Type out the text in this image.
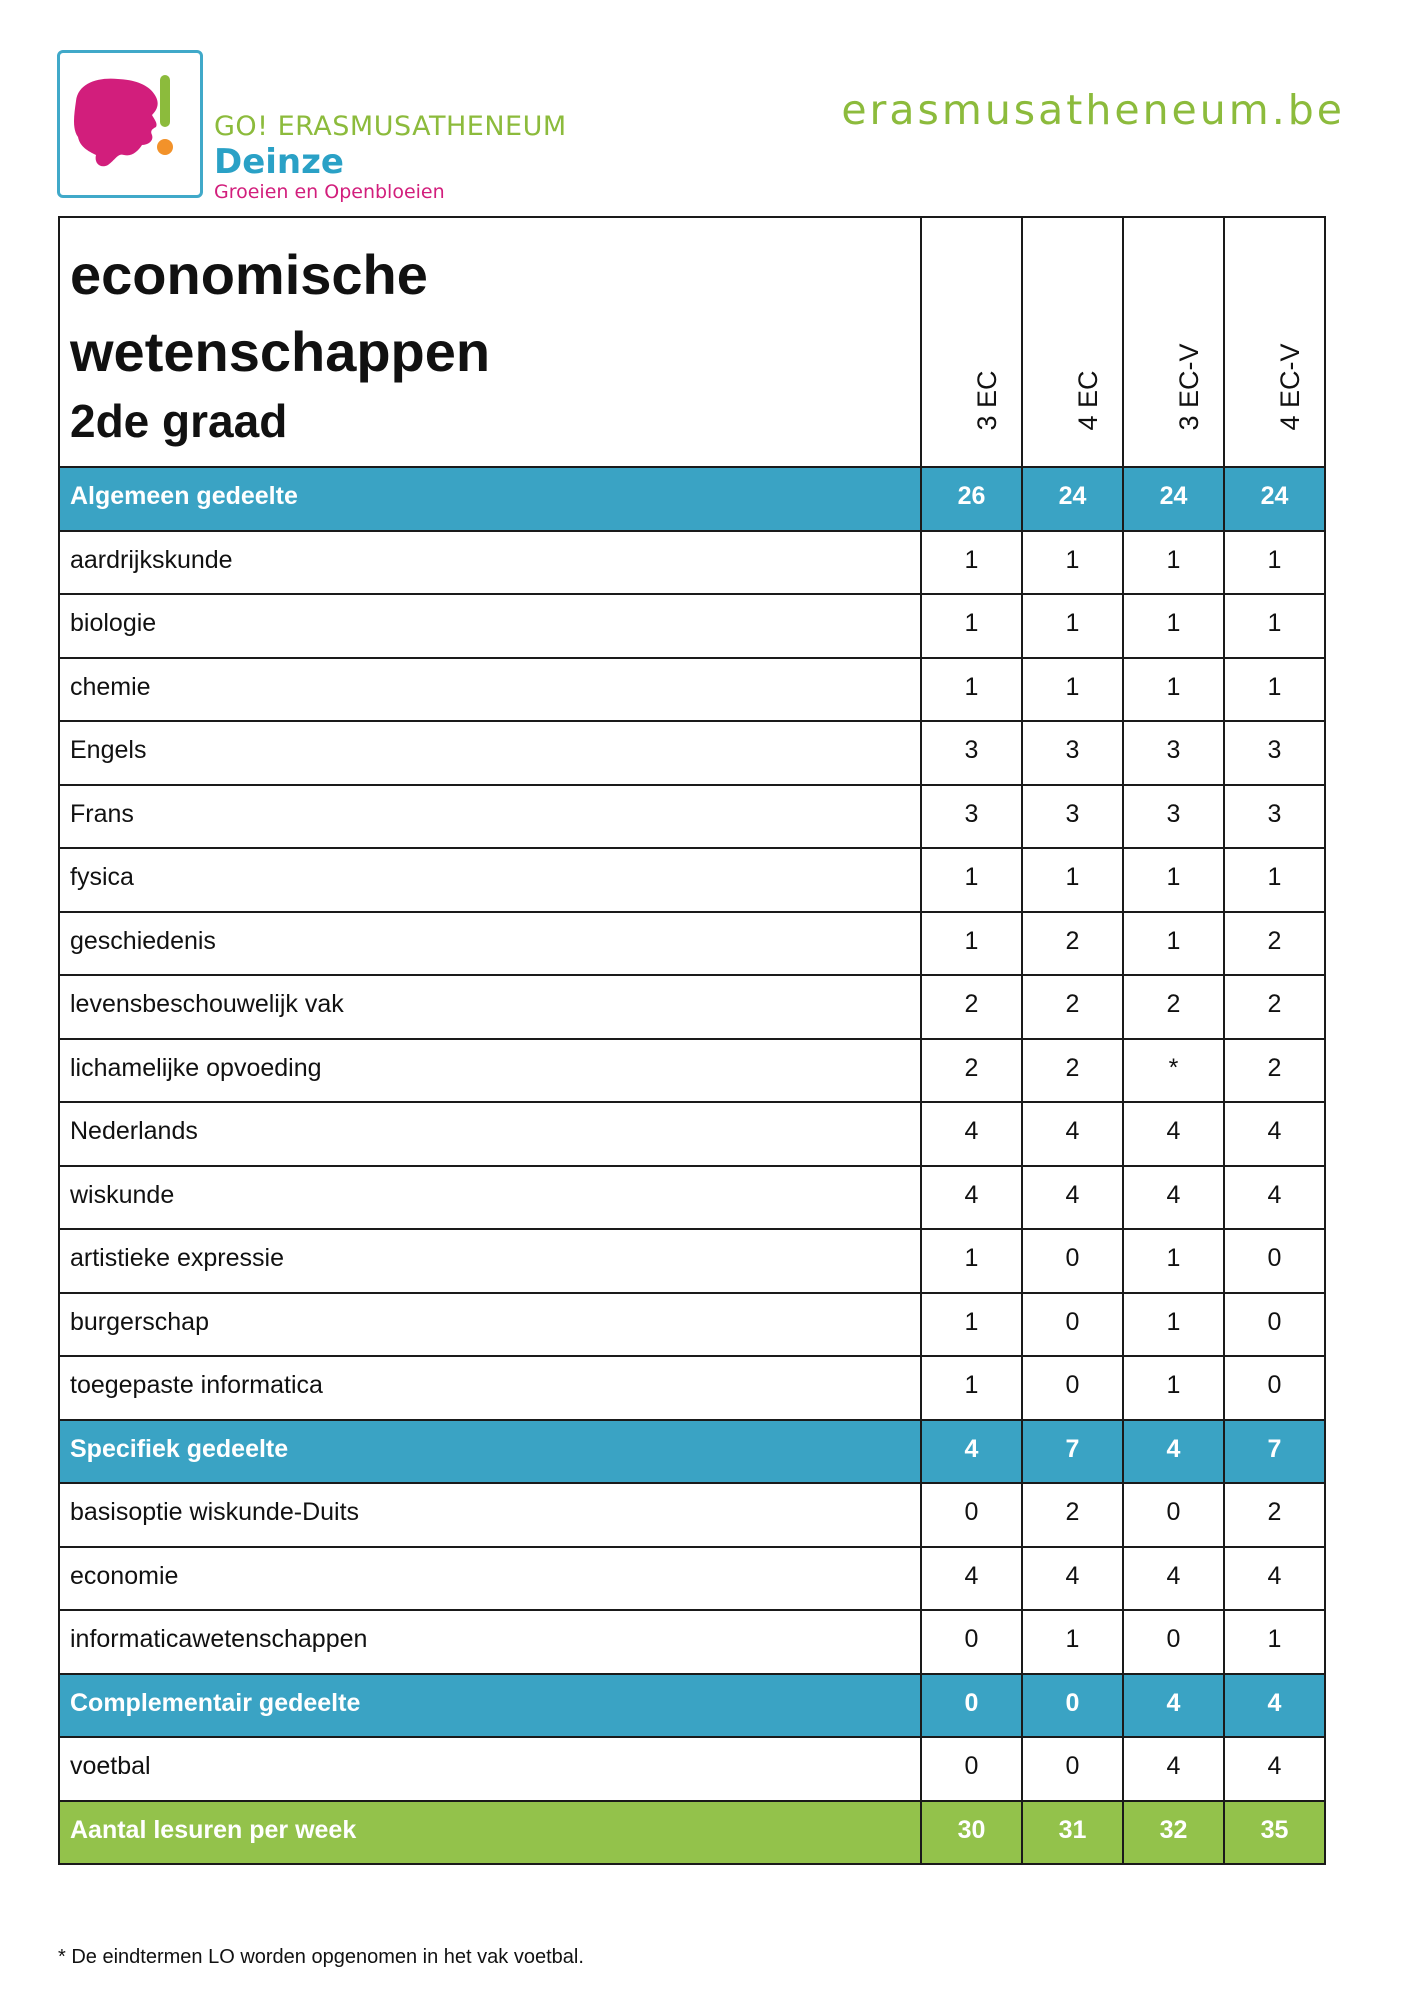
GO! ERASMUSATHENEUM
Deinze
Groeien en Openbloeien
erasmusatheneum.be
economische
wetenschappen
2de graad	3 EC	4 EC	3 EC-V	4 EC-V

Algemeen gedeelte	26	24	24	24
aardrijkskunde	1	1	1	1
biologie	1	1	1	1
chemie	1	1	1	1
Engels	3	3	3	3
Frans	3	3	3	3
fysica	1	1	1	1
geschiedenis	1	2	1	2
levensbeschouwelijk vak	2	2	2	2
lichamelijke opvoeding	2	2	*	2
Nederlands	4	4	4	4
wiskunde	4	4	4	4
artistieke expressie	1	0	1	0
burgerschap	1	0	1	0
toegepaste informatica	1	0	1	0
Specifiek gedeelte	4	7	4	7
basisoptie wiskunde-Duits	0	2	0	2
economie	4	4	4	4
informaticawetenschappen	0	1	0	1
Complementair gedeelte	0	0	4	4
voetbal	0	0	4	4
Aantal lesuren per week	30	31	32	35
* De eindtermen LO worden opgenomen in het vak voetbal.
